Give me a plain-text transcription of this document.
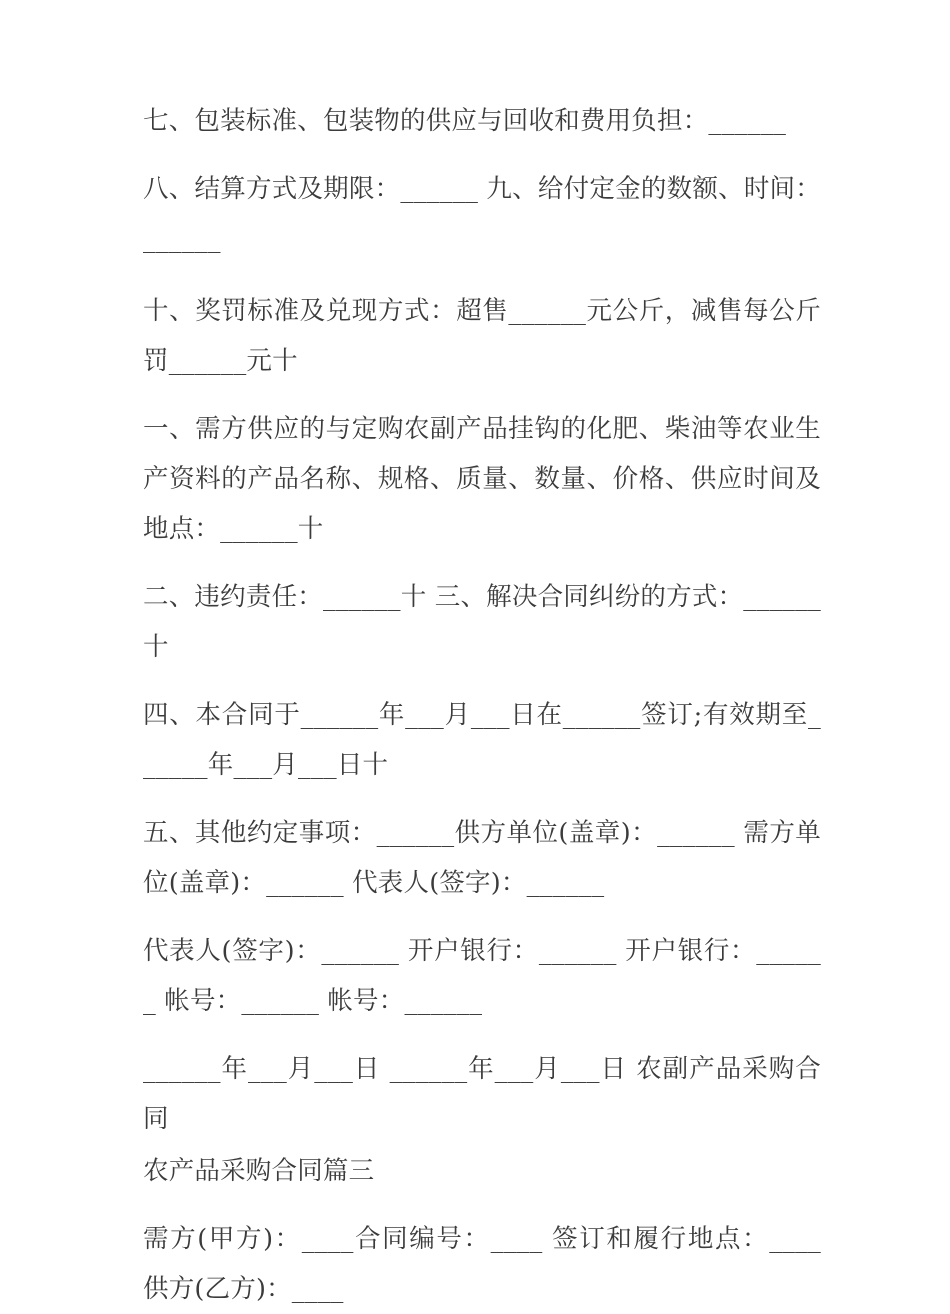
七、包装标准、包装物的供应与回收和费用负担：______

八、结算方式及期限：______ 九、给付定金的数额、时间：______

十、奖罚标准及兑现方式：超售______元公斤，减售每公斤罚______元十

一、需方供应的与定购农副产品挂钩的化肥、柴油等农业生产资料的产品名称、规格、质量、数量、价格、供应时间及地点：______十

二、违约责任：______十 三、解决合同纠纷的方式：______十

四、本合同于______年___月___日在______签订;有效期至______年___月___日十

五、其他约定事项：______供方单位(盖章)：______ 需方单位(盖章)：______ 代表人(签字)：______

代表人(签字)：______ 开户银行：______ 开户银行：______ 帐号：______ 帐号：______

______年___月___日 ______年___月___日 农副产品采购合同

农产品采购合同篇三

需方(甲方)：____合同编号：____ 签订和履行地点：____ 供方(乙方)：____
